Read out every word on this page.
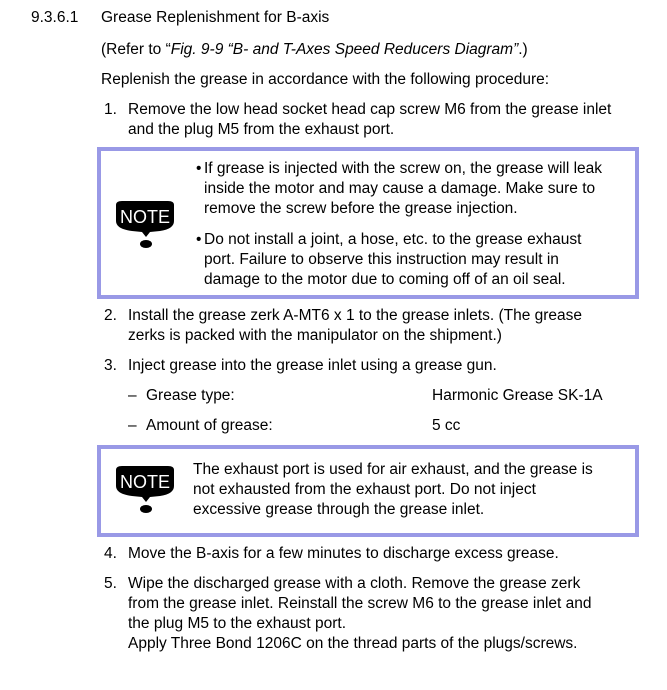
9.3.6.1 Grease Replenishment for B-axis
(Refer to “Fig. 9-9 “B- and T-Axes Speed Reducers Diagram”.)
Replenish the grease in accordance with the following procedure:
1. Remove the low head socket head cap screw M6 from the grease inlet
and the plug M5 from the exhaust port.
NOTE
• If grease is injected with the screw on, the grease will leak
inside the motor and may cause a damage. Make sure to
remove the screw before the grease injection.
• Do not install a joint, a hose, etc. to the grease exhaust
port. Failure to observe this instruction may result in
damage to the motor due to coming off of an oil seal.
2. Install the grease zerk A-MT6 x 1 to the grease inlets. (The grease
zerks is packed with the manipulator on the shipment.)
3. Inject grease into the grease inlet using a grease gun.
– Grease type:	Harmonic Grease SK-1A
– Amount of grease:	5 cc
NOTE
The exhaust port is used for air exhaust, and the grease is
not exhausted from the exhaust port. Do not inject
excessive grease through the grease inlet.
4. Move the B-axis for a few minutes to discharge excess grease.
5. Wipe the discharged grease with a cloth. Remove the grease zerk
from the grease inlet. Reinstall the screw M6 to the grease inlet and
the plug M5 to the exhaust port.
Apply Three Bond 1206C on the thread parts of the plugs/screws.
